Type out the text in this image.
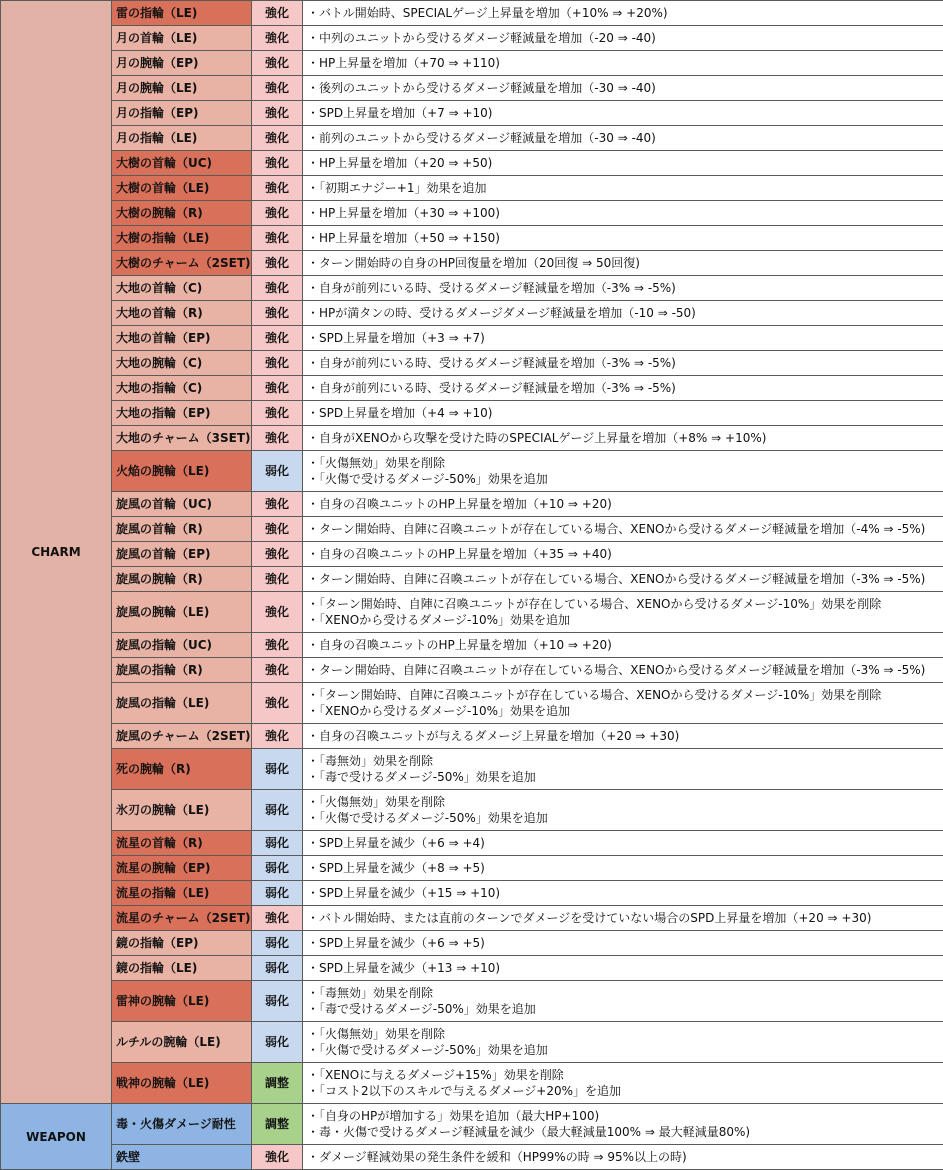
CHARM	雷の指輪（LE)	強化	・バトル開始時、SPECIALゲージ上昇量を増加（+10% ⇒ +20%)

	月の首輪（LE)	強化	・中列のユニットから受けるダメージ軽減量を増加（-20 ⇒ -40)

	月の腕輪（EP)	強化	・HP上昇量を増加（+70 ⇒ +110)

	月の腕輪（LE)	強化	・後列のユニットから受けるダメージ軽減量を増加（-30 ⇒ -40)

	月の指輪（EP)	強化	・SPD上昇量を増加（+7 ⇒ +10)

	月の指輪（LE)	強化	・前列のユニットから受けるダメージ軽減量を増加（-30 ⇒ -40)

	大樹の首輪（UC)	強化	・HP上昇量を増加（+20 ⇒ +50)

	大樹の首輪（LE)	強化	・「初期エナジー+1」効果を追加

	大樹の腕輪（R)	強化	・HP上昇量を増加（+30 ⇒ +100)

	大樹の指輪（LE)	強化	・HP上昇量を増加（+50 ⇒ +150)

	大樹のチャーム（2SET)	強化	・ターン開始時の自身のHP回復量を増加（20回復 ⇒ 50回復)

	大地の首輪（C)	強化	・自身が前列にいる時、受けるダメージ軽減量を増加（-3% ⇒ -5%)

	大地の首輪（R)	強化	・HPが満タンの時、受けるダメージダメージ軽減量を増加（-10 ⇒ -50)

	大地の首輪（EP)	強化	・SPD上昇量を増加（+3 ⇒ +7)

	大地の腕輪（C)	強化	・自身が前列にいる時、受けるダメージ軽減量を増加（-3% ⇒ -5%)

	大地の指輪（C)	強化	・自身が前列にいる時、受けるダメージ軽減量を増加（-3% ⇒ -5%)

	大地の指輪（EP)	強化	・SPD上昇量を増加（+4 ⇒ +10)

	大地のチャーム（3SET)	強化	・自身がXENOから攻撃を受けた時のSPECIALゲージ上昇量を増加（+8% ⇒ +10%)

	火焔の腕輪（LE)	弱化	・「火傷無効」効果を削除
・「火傷で受けるダメージ-50%」効果を追加

	旋風の首輪（UC)	強化	・自身の召喚ユニットのHP上昇量を増加（+10 ⇒ +20)

	旋風の首輪（R)	強化	・ターン開始時、自陣に召喚ユニットが存在している場合、XENOから受けるダメージ軽減量を増加（-4% ⇒ -5%)

	旋風の首輪（EP)	強化	・自身の召喚ユニットのHP上昇量を増加（+35 ⇒ +40)

	旋風の腕輪（R)	強化	・ターン開始時、自陣に召喚ユニットが存在している場合、XENOから受けるダメージ軽減量を増加（-3% ⇒ -5%)

	旋風の腕輪（LE)	強化	・「ターン開始時、自陣に召喚ユニットが存在している場合、XENOから受けるダメージ-10%」効果を削除
・「XENOから受けるダメージ-10%」効果を追加

	旋風の指輪（UC)	強化	・自身の召喚ユニットのHP上昇量を増加（+10 ⇒ +20)

	旋風の指輪（R)	強化	・ターン開始時、自陣に召喚ユニットが存在している場合、XENOから受けるダメージ軽減量を増加（-3% ⇒ -5%)

	旋風の指輪（LE)	強化	・「ターン開始時、自陣に召喚ユニットが存在している場合、XENOから受けるダメージ-10%」効果を削除
・「XENOから受けるダメージ-10%」効果を追加

	旋風のチャーム（2SET)	強化	・自身の召喚ユニットが与えるダメージ上昇量を増加（+20 ⇒ +30)

	死の腕輪（R)	弱化	・「毒無効」効果を削除
・「毒で受けるダメージ-50%」効果を追加

	氷刃の腕輪（LE)	弱化	・「火傷無効」効果を削除
・「火傷で受けるダメージ-50%」効果を追加

	流星の首輪（R)	弱化	・SPD上昇量を減少（+6 ⇒ +4)

	流星の腕輪（EP)	弱化	・SPD上昇量を減少（+8 ⇒ +5)

	流星の指輪（LE)	弱化	・SPD上昇量を減少（+15 ⇒ +10)

	流星のチャーム（2SET)	強化	・バトル開始時、または直前のターンでダメージを受けていない場合のSPD上昇量を増加（+20 ⇒ +30)

	鏡の指輪（EP)	弱化	・SPD上昇量を減少（+6 ⇒ +5)

	鏡の指輪（LE)	弱化	・SPD上昇量を減少（+13 ⇒ +10)

	雷神の腕輪（LE)	弱化	・「毒無効」効果を削除
・「毒で受けるダメージ-50%」効果を追加

	ルチルの腕輪（LE)	弱化	・「火傷無効」効果を削除
・「火傷で受けるダメージ-50%」効果を追加

	戦神の腕輪（LE)	調整	・「XENOに与えるダメージ+15%」効果を削除
・「コスト2以下のスキルで与えるダメージ+20%」を追加

WEAPON	毒・火傷ダメージ耐性	調整	・「自身のHPが増加する」効果を追加（最大HP+100)
・毒・火傷で受けるダメージ軽減量を減少（最大軽減量100% ⇒ 最大軽減量80%)

	鉄壁	強化	・ダメージ軽減効果の発生条件を緩和（HP99%の時 ⇒ 95%以上の時)
